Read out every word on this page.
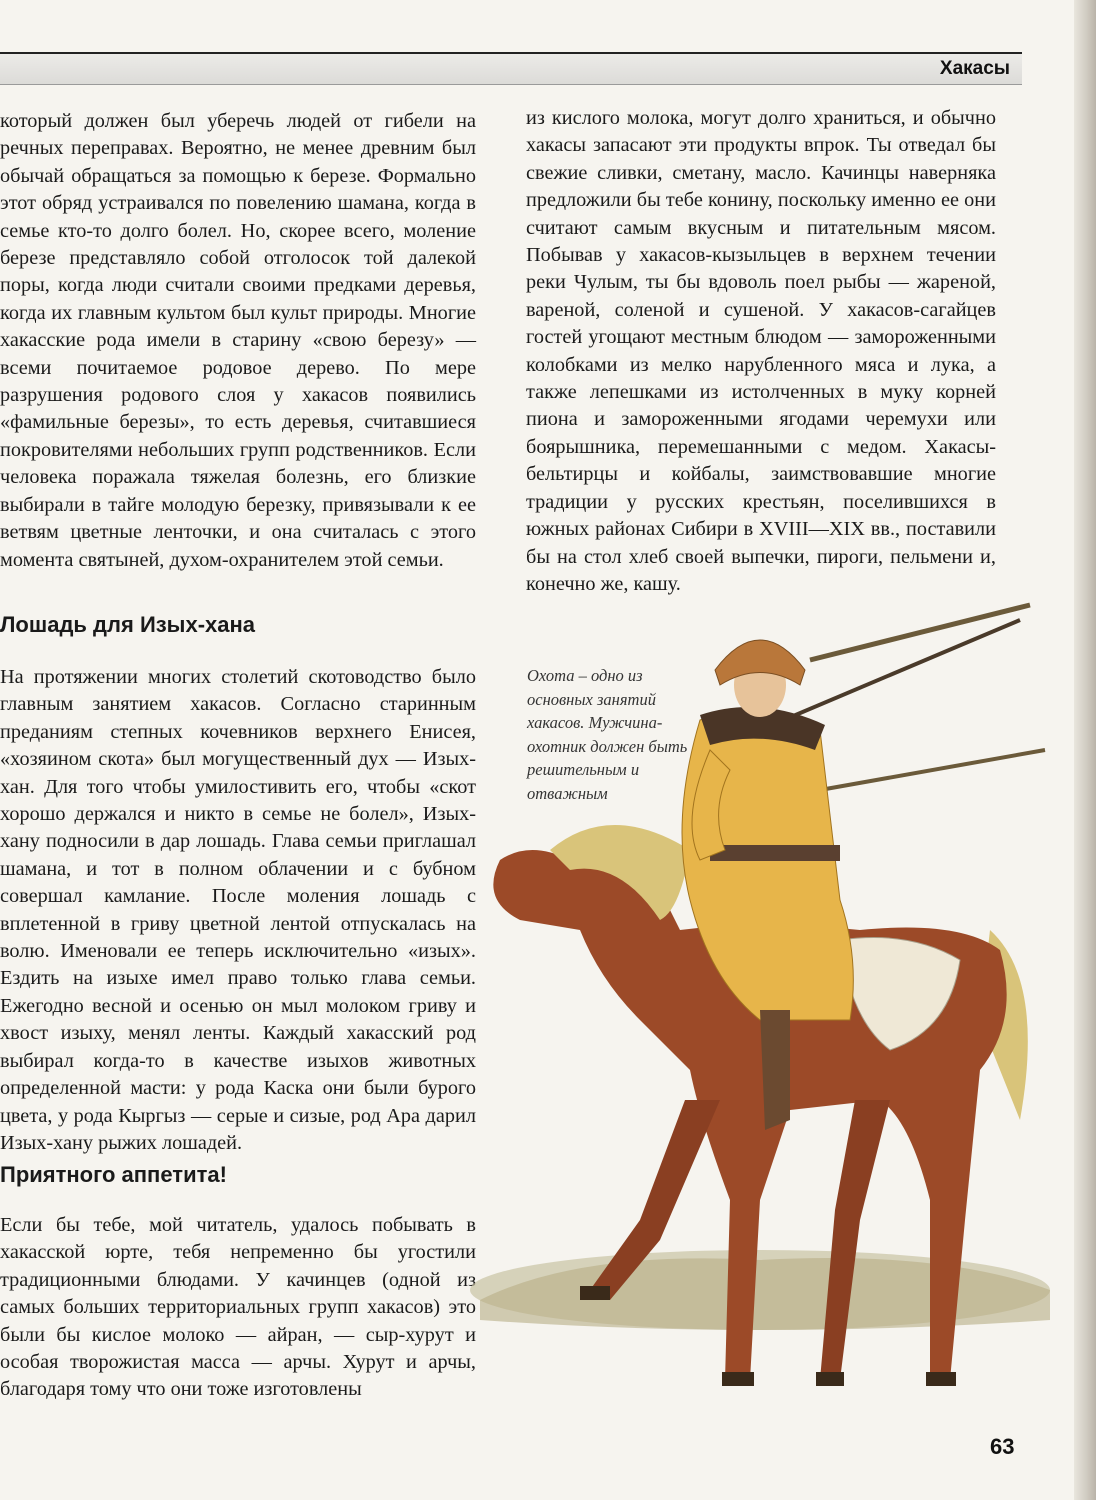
Хакасы

который должен был уберечь людей от гибели на речных переправах. Вероятно, не менее древним был обычай обращаться за помощью к березе. Формально этот обряд устраивался по повелению шамана, когда в семье кто-то долго болел. Но, скорее всего, моление березе представляло собой отголосок той далекой поры, когда люди считали своими предками деревья, когда их главным культом был культ природы. Многие хакасские рода имели в старину «свою березу» — всеми почитаемое родовое дерево. По мере разрушения родового слоя у хакасов появились «фамильные березы», то есть деревья, считавшиеся покровителями небольших групп родственников. Если человека поражала тяжелая болезнь, его близкие выбирали в тайге молодую березку, привязывали к ее ветвям цветные ленточки, и она считалась с этого момента святыней, духом-охранителем этой семьи.

Лошадь для Изых-хана

На протяжении многих столетий скотоводство было главным занятием хакасов. Согласно старинным преданиям степных кочевников верхнего Енисея, «хозяином скота» был могущественный дух — Изых-хан. Для того чтобы умилостивить его, чтобы «скот хорошо держался и никто в семье не болел», Изых-хану подносили в дар лошадь. Глава семьи приглашал шамана, и тот в полном облачении и с бубном совершал камлание. После моления лошадь с вплетенной в гриву цветной лентой отпускалась на волю. Именовали ее теперь исключительно «изых». Ездить на изыхе имел право только глава семьи. Ежегодно весной и осенью он мыл молоком гриву и хвост изыху, менял ленты. Каждый хакасский род выбирал когда-то в качестве изыхов животных определенной масти: у рода Каска они были бурого цвета, у рода Кыргыз — серые и сизые, род Ара дарил Изых-хану рыжих лошадей.

Приятного аппетита!

Если бы тебе, мой читатель, удалось побывать в хакасской юрте, тебя непременно бы угостили традиционными блюдами. У качинцев (одной из самых больших территориальных групп хакасов) это были бы кислое молоко — айран, — сыр-хурут и особая творожистая масса — арчы. Хурут и арчы, благодаря тому что они тоже изготовлены

из кислого молока, могут долго храниться, и обычно хакасы запасают эти продукты впрок. Ты отведал бы свежие сливки, сметану, масло. Качинцы наверняка предложили бы тебе конину, поскольку именно ее они считают самым вкусным и питательным мясом. Побывав у хакасов-кызыльцев в верхнем течении реки Чулым, ты бы вдоволь поел рыбы — жареной, вареной, соленой и сушеной. У хакасов-сагайцев гостей угощают местным блюдом — замороженными колобками из мелко нарубленного мяса и лука, а также лепешками из истолченных в муку корней пиона и замороженными ягодами черемухи или боярышника, перемешанными с медом. Хакасы-бельтирцы и койбалы, заимствовавшие многие традиции у русских крестьян, поселившихся в южных районах Сибири в XVIII—XIX вв., поставили бы на стол хлеб своей выпечки, пироги, пельмени и, конечно же, кашу.

Охота – одно из основных занятий хакасов. Мужчина-охотник должен быть решительным и отважным
63
